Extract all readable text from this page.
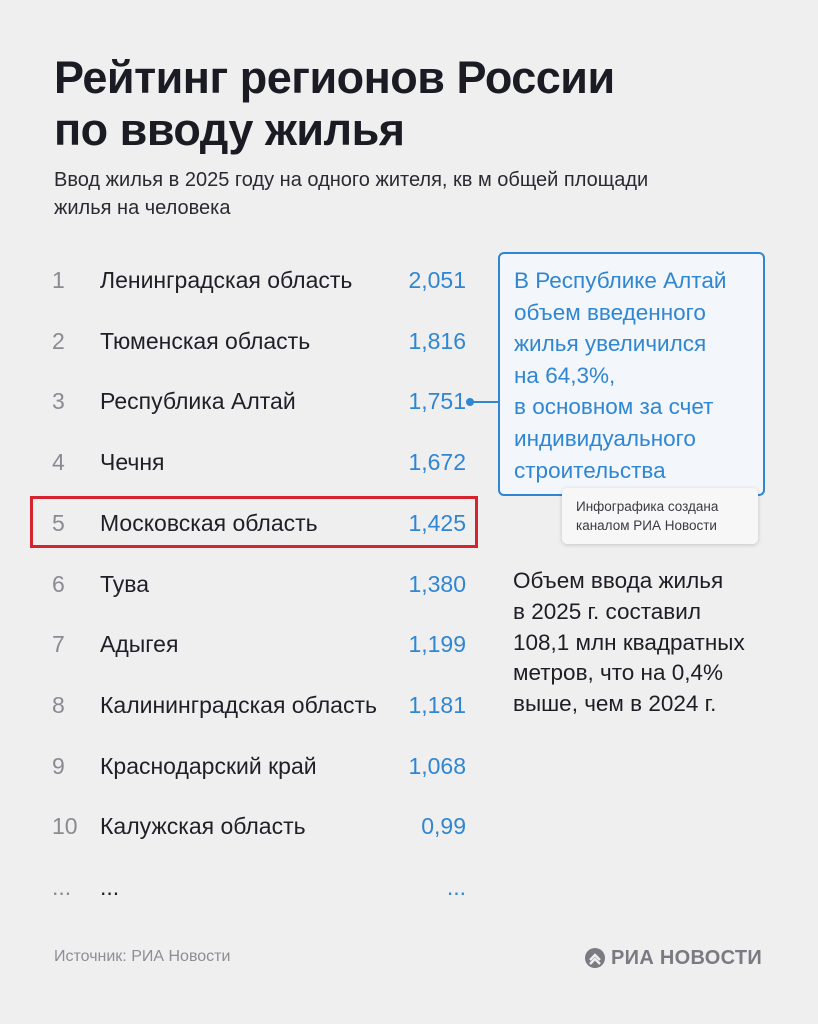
Рейтинг регионов России
по вводу жилья

Ввод жилья в 2025 году на одного жителя, кв м общей площади
жилья на человека

1 Ленинградская область 2,051
2 Тюменская область	1,816
3 Республика Алтай	1,751
4 Чечня	1,672
5 Московская область	1,425
6 Тува	1,380
7 Адыгея	1,199
8 Калининградская область 1,181
9 Краснодарский край	1,068
10 Калужская область	0,99
... ...	...
В Республике Алтай
объем введенного
жилья увеличился
на 64,3%,
в основном за счет
индивидуального
строительства
Инфографика создана
каналом РИА Новости
Объем ввода жилья
в 2025 г. составил
108,1 млн квадратных
метров, что на 0,4%
выше, чем в 2024 г.
Источник: РИА Новости	РИА НОВОСТИ
